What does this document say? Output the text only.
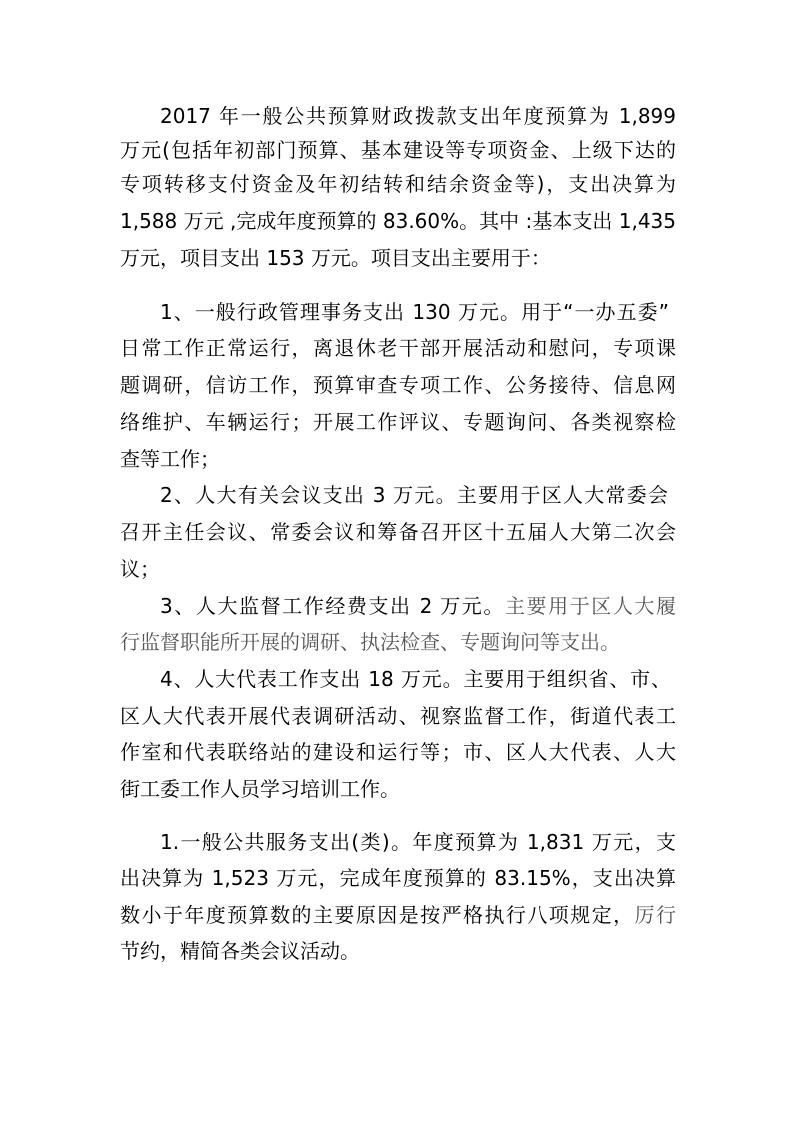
2017 年一般公共预算财政拨款支出年度预算为 1,899

万元(包括年初部门预算、基本建设等专项资金、上级下达的

专项转移支付资金及年初结转和结余资金等)，支出决算为

1,588 万元 ,完成年度预算的 83.60%。其中 :基本支出 1,435

万元，项目支出 153 万元。项目支出主要用于：

1、一般行政管理事务支出 130 万元。用于“一办五委”

日常工作正常运行，离退休老干部开展活动和慰问，专项课

题调研，信访工作，预算审查专项工作、公务接待、信息网

络维护、车辆运行；开展工作评议、专题询问、各类视察检

查等工作；

2、人大有关会议支出 3 万元。主要用于区人大常委会

召开主任会议、常委会议和筹备召开区十五届人大第二次会

议；

3、人大监督工作经费支出 2 万元。主要用于区人大履

行监督职能所开展的调研、执法检查、专题询问等支出。

4、人大代表工作支出 18 万元。主要用于组织省、市、

区人大代表开展代表调研活动、视察监督工作，街道代表工

作室和代表联络站的建设和运行等；市、区人大代表、人大

街工委工作人员学习培训工作。

1.一般公共服务支出(类)。年度预算为 1,831 万元，支

出决算为 1,523 万元，完成年度预算的 83.15%，支出决算

数小于年度预算数的主要原因是按严格执行八项规定，厉行

节约，精简各类会议活动。
